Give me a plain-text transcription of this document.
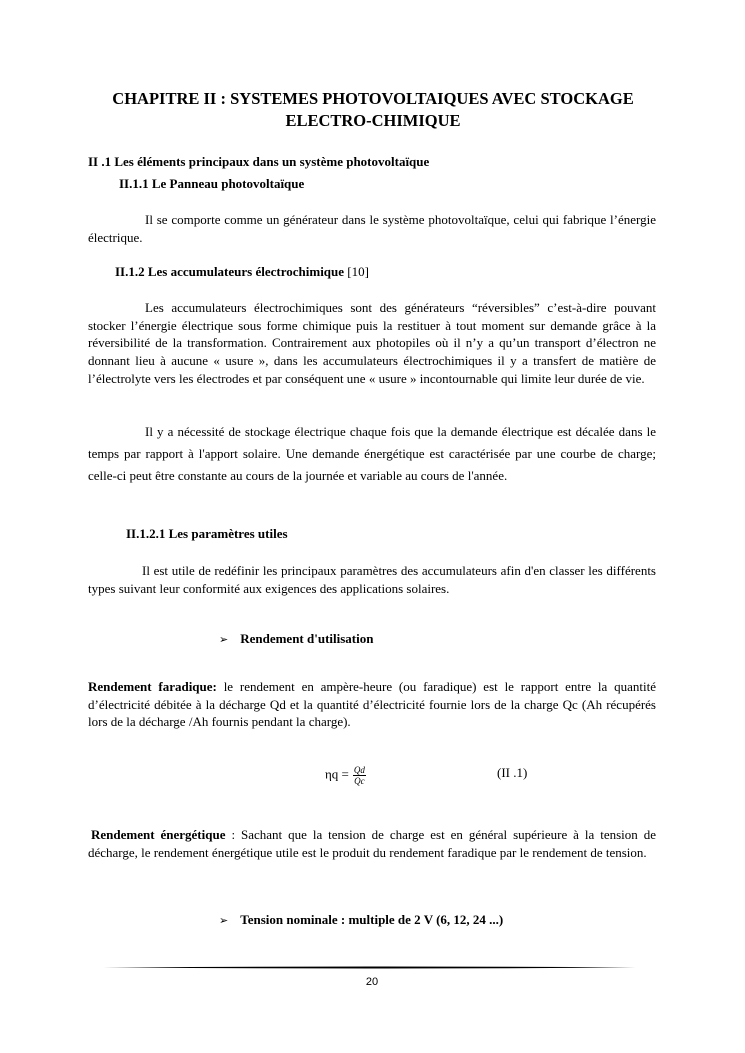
CHAPITRE II : SYSTEMES PHOTOVOLTAIQUES AVEC STOCKAGE ELECTRO-CHIMIQUE
II .1 Les éléments principaux dans un système photovoltaïque
II.1.1 Le Panneau photovoltaïque
Il se comporte comme un générateur dans le système photovoltaïque, celui qui fabrique l’énergie électrique.
II.1.2 Les accumulateurs électrochimique [10]
Les accumulateurs électrochimiques sont des générateurs “réversibles” c’est-à-dire pouvant stocker l’énergie électrique sous forme chimique puis la restituer à tout moment sur demande grâce à la réversibilité de la transformation. Contrairement aux photopiles où il n’y a qu’un transport d’électron ne donnant lieu à aucune « usure », dans les accumulateurs électrochimiques il y a transfert de matière de l’électrolyte vers les électrodes et par conséquent une « usure » incontournable qui limite leur durée de vie.
Il y a nécessité de stockage électrique chaque fois que la demande électrique est décalée dans le temps par rapport à l'apport solaire. Une demande énergétique est caractérisée par une courbe de charge; celle-ci peut être constante au cours de la journée et variable au cours de l'année.
II.1.2.1 Les paramètres utiles
Il est utile de redéfinir les principaux paramètres des accumulateurs afin d'en classer les différents types suivant leur conformité aux exigences des applications solaires.
➢ Rendement d'utilisation
Rendement faradique: le rendement en ampère-heure (ou faradique) est le rapport entre la quantité d’électricité débitée à la décharge Qd et la quantité d’électricité fournie lors de la charge Qc (Ah récupérés lors de la décharge /Ah fournis pendant la charge).
$\eta q = \frac{Qd}{Qc}$	(II .1)
Rendement énergétique : Sachant que la tension de charge est en général supérieure à la tension de décharge, le rendement énergétique utile est le produit du rendement faradique par le rendement de tension.
➢ Tension nominale : multiple de 2 V (6, 12, 24 ...)
20
